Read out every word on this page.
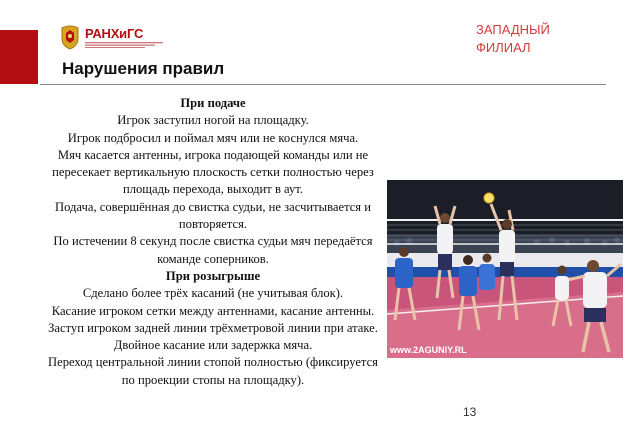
РАНХиГС	ЗАПАДНЫЙ
ФИЛИАЛ
Нарушения правил

При подаче

Игрок заступил ногой на площадку.

Игрок подбросил и поймал мяч или не коснулся мяча.

Мяч касается антенны, игрока подающей команды или не пересекает вертикальную плоскость сетки полностью через площадь перехода, выходит в аут.

Подача, совершённая до свистка судьи, не засчитывается и повторяется.

По истечении 8 секунд после свистка судьи мяч передаётся команде соперников.

При розыгрыше

Сделано более трёх касаний (не учитывая блок).

Касание игроком сетки между антеннами, касание антенны.

Заступ игроком задней линии трёхметровой линии при атаке.

Двойное касание или задержка мяча.

Переход центральной линии стопой полностью (фиксируется по проекции стопы на площадку).

www.2AGUNIY.RL
13
